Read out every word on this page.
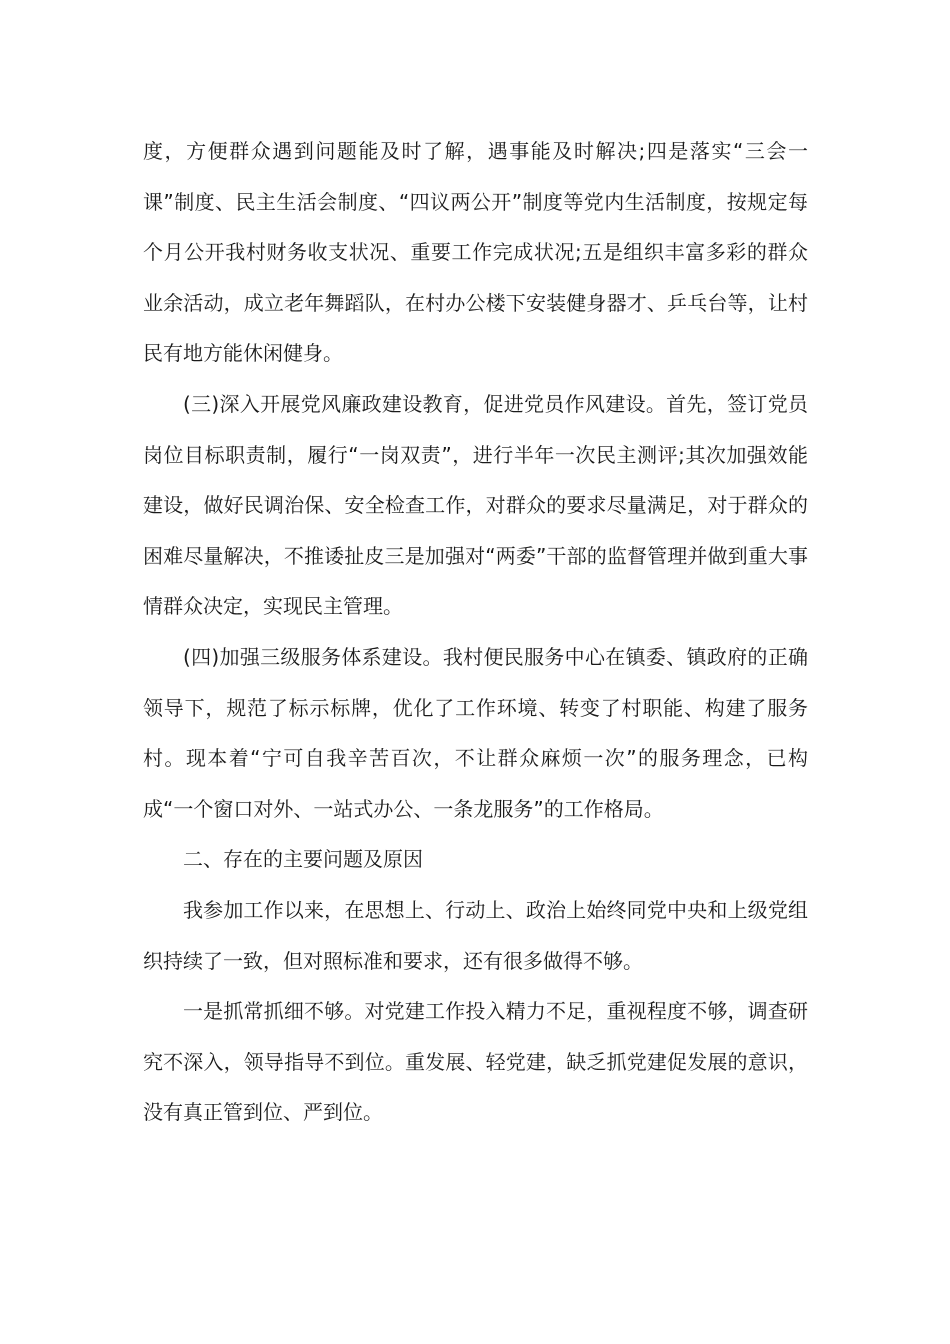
度，方便群众遇到问题能及时了解，遇事能及时解决;四是落实“三会一课”制度、民主生活会制度、“四议两公开”制度等党内生活制度，按规定每个月公开我村财务收支状况、重要工作完成状况;五是组织丰富多彩的群众业余活动，成立老年舞蹈队，在村办公楼下安装健身器才、乒乓台等，让村民有地方能休闲健身。

(三)深入开展党风廉政建设教育，促进党员作风建设。首先，签订党员岗位目标职责制，履行“一岗双责”，进行半年一次民主测评;其次加强效能建设，做好民调治保、安全检查工作，对群众的要求尽量满足，对于群众的困难尽量解决，不推诿扯皮三是加强对“两委”干部的监督管理并做到重大事情群众决定，实现民主管理。

(四)加强三级服务体系建设。我村便民服务中心在镇委、镇政府的正确领导下，规范了标示标牌，优化了工作环境、转变了村职能、构建了服务村。现本着“宁可自我辛苦百次，不让群众麻烦一次”的服务理念，已构成“一个窗口对外、一站式办公、一条龙服务”的工作格局。

二、存在的主要问题及原因

我参加工作以来，在思想上、行动上、政治上始终同党中央和上级党组织持续了一致，但对照标准和要求，还有很多做得不够。

一是抓常抓细不够。对党建工作投入精力不足，重视程度不够，调查研究不深入，领导指导不到位。重发展、轻党建，缺乏抓党建促发展的意识，没有真正管到位、严到位。
